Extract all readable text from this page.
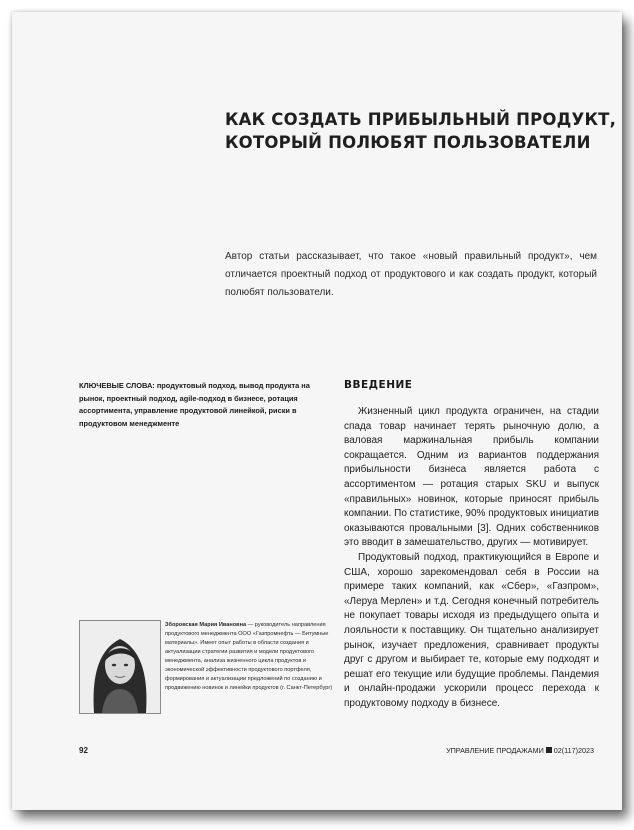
КАК СОЗДАТЬ ПРИБЫЛЬНЫЙ ПРОДУКТ,
КОТОРЫЙ ПОЛЮБЯТ ПОЛЬЗОВАТЕЛИ

Автор статьи рассказывает, что такое «новый правильный продукт», чем отличается проектный подход от продуктового и как создать продукт, который полюбят пользователи.

КЛЮЧЕВЫЕ СЛОВА: продуктовый подход, вывод продукта на рынок, проектный подход, agile-подход в бизнесе, ротация ассортимента, управление продуктовой линейкой, риски в продуктовом менеджменте

ВВЕДЕНИЕ

Жизненный цикл продукта ограничен, на стадии спада товар начинает терять рыночную долю, а валовая маржинальная прибыль компании сокращается. Одним из вариантов поддержания прибыльности бизнеса является работа с ассортиментом — ротация старых SKU и выпуск «правильных» новинок, которые приносят прибыль компании. По статистике, 90% продуктовых инициатив оказываются провальными [3]. Одних собственников это вводит в замешательство, других — мотивирует.

Продуктовый подход, практикующийся в Европе и США, хорошо зарекомендовал себя в России на примере таких компаний, как «Сбер», «Газпром», «Леруа Мерлен» и т.д. Сегодня конечный потребитель не покупает товары исходя из предыдущего опыта и лояльности к поставщику. Он тщательно анализирует рынок, изучает предложения, сравнивает продукты друг с другом и выбирает те, которые ему подходят и решат его текущие или будущие проблемы. Пандемия и онлайн-продажи ускорили процесс перехода к продуктовому подходу в бизнесе.

Зборовская Мария Ивановна — руководитель направления продуктового менеджмента ООО «Газпромнефть — Битумные материалы». Имеет опыт работы в области создания и актуализации стратегии развития и модели продуктового менеджмента, анализа жизненного цикла продуктов и экономической эффективности продуктового портфеля, формирования и актуализации предложений по созданию и продвижению новинок и линейки продуктов (г. Санкт-Петербург)

92	УПРАВЛЕНИЕ ПРОДАЖАМИ 02(117)2023
